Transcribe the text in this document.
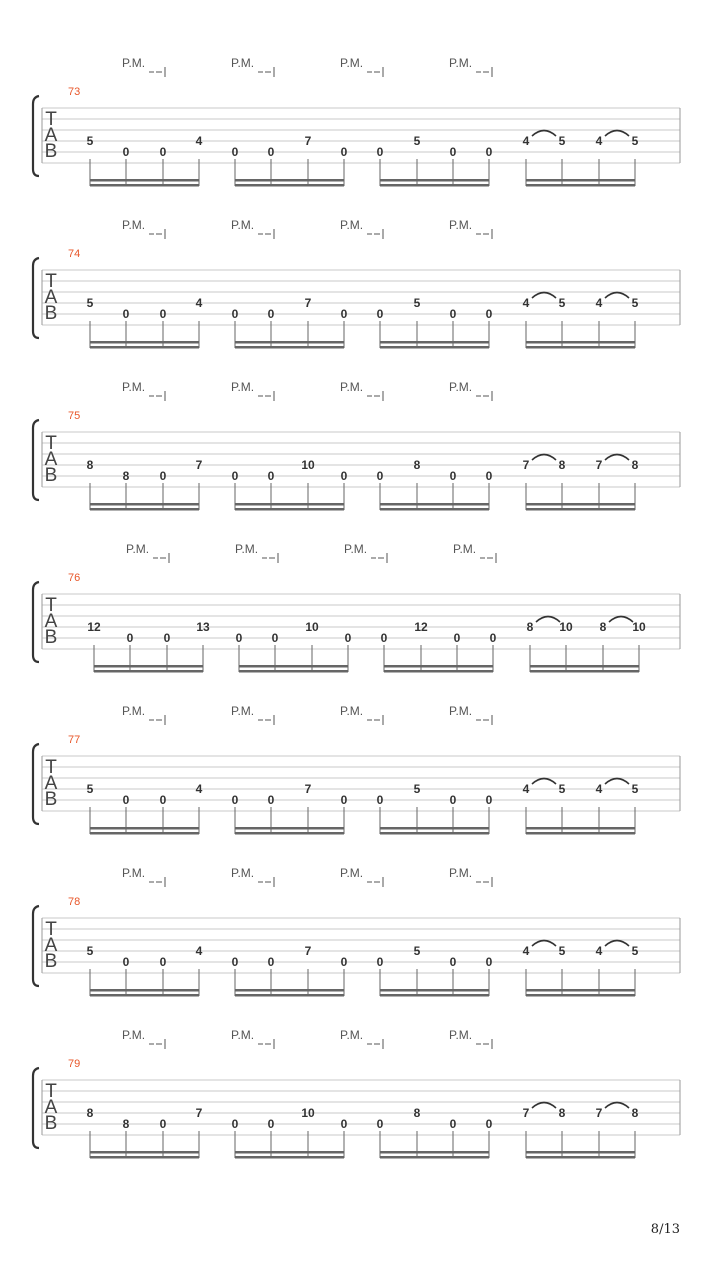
P.M.	P.M.	P.M.	P.M.
73
T
A
B 5
0	0
4
0 0
7
0 0
5
0 0
4 5	4 5
P.M.	P.M.	P.M.	P.M.
74
T
A
B 5
0	0
4
0 0
7
0 0
5
0 0
4 5	4 5
P.M.	P.M.	P.M.	P.M.
75
T
A
B 8
8	0
7
0 0
10
0 0
8
0 0
7 8	7 8
P.M.	P.M.	P.M.	P.M.
76
T
A
B 12
0	0
13
0 0
10
0 0
12
0 0
8 10 8 10
P.M.	P.M.	P.M.	P.M.
77
T
A
B 5
0	0
4
0 0
7
0 0
5
0 0
4 5	4 5
P.M.	P.M.	P.M.	P.M.
78
T
A
B 5
0	0
4
0 0
7
0 0
5
0 0
4 5	4 5
P.M.	P.M.	P.M.	P.M.
79
T
A
B 8
8	0
7
0 0
10
0 0
8
0 0
7 8	7 8
8/13
